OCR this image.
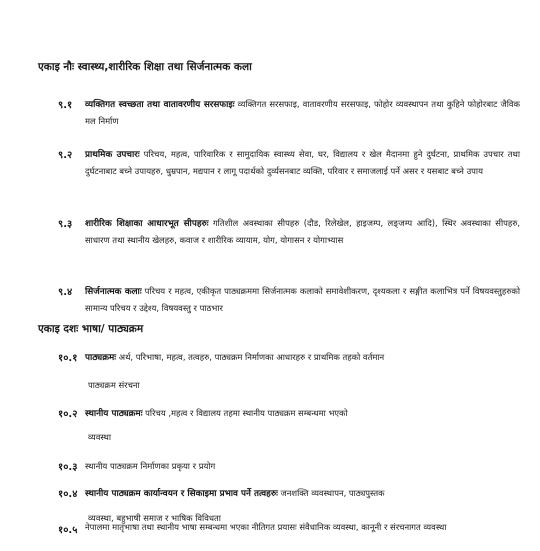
एकाइ नौः स्वास्थ्य,शारीरिक शिक्षा तथा सिर्जनात्मक कला
९.१ व्यक्तिगत स्वच्छता तथा वातावरणीय सरसफाइः व्यक्तिगत सरसफाइ, वातावरणीय सरसफाइ, फोहोर व्यवस्थापन तथा कुहिने फोहोरबाट जैविक मल निर्माण
९.२ प्राथमिक उपचारः परिचय, महत्व, पारिवारिक र सामुदायिक स्वास्थ्य सेवा, घर, विद्यालय र खेल मैदानमा हुने दुर्घटना, प्राथमिक उपचार तथा दुर्घटनाबाट बच्ने उपायहरु, धुम्रपान, मद्यपान र लागू पदार्थको दुर्व्यसनबाट व्यक्ति, परिवार र समाजलाई पर्ने असर र यसबाट बच्ने उपाय
९.३ शारीरिक शिक्षाका आधारभूत सीपहरुः गतिशील अवस्थाका सीपहरु (दौड, रिलेखेल, हाइजम्प, लङ्जम्प आदि), स्थिर अवस्थाका सीपहरु, साधारण तथा स्थानीय खेलहरु, कवाज र शारीरिक व्यायाम, योग, योगासन र योगाभ्यास
९.४ सिर्जनात्मक कलाः परिचय र महत्व, एकीकृत पाठ्यक्रममा सिर्जनात्मक कलाको समावेशीकरण, दृश्यकला र सङ्गीत कलाभित्र पर्ने विषयवस्तुहरुको सामान्य परिचय र उद्देश्य, विषयवस्तु र पाठभार
एकाइ दशः भाषा/ पाठ्यक्रम
१०.१ पाठ्यक्रमः अर्थ, परिभाषा, महत्व, तत्वहरु, पाठ्यक्रम निर्माणका आधारहरु र प्राथमिक तहको वर्तमान
पाठ्यक्रम संरचना
१०.२ स्थानीय पाठ्यक्रमः परिचय ,महत्व र विद्यालय तहमा स्थानीय पाठ्यक्रम सम्बन्धमा भएको
व्यवस्था
१०.३ स्थानीय पाठ्यक्रम निर्माणका प्रकृया र प्रयोग
१०.४ स्थानीय पाठ्यक्रम कार्यान्वयन र सिकाइमा प्रभाव पर्ने तत्वहरुः जनशक्ति व्यवस्थापन, पाठ्यपुस्तक
व्यवस्था, बहुभाषी समाज र भाषिक विविधता
१०.५ नेपालमा मातृभाषा तथा स्थानीय भाषा सम्बन्धमा भएका नीतिगत प्रयासः संवैधानिक व्यवस्था, कानूनी र संरचनागत व्यवस्था
